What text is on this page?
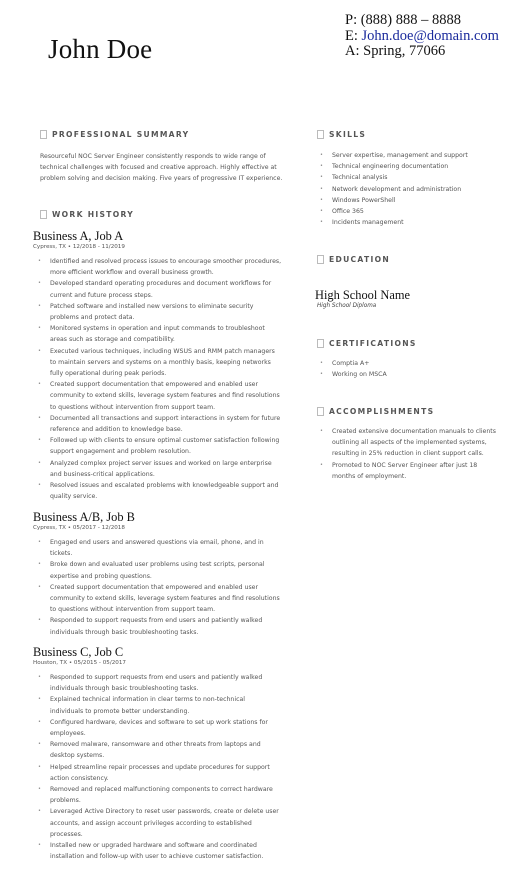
John Doe
P: (888) 888 – 8888
E: John.doe@domain.com
A: Spring, 77066
PROFESSIONAL SUMMARY
Resourceful NOC Server Engineer consistently responds to wide range of
technical challenges with focused and creative approach. Highly effective at
problem solving and decision making. Five years of progressive IT experience.
WORK HISTORY
Business A, Job A
Cypress, TX • 12/2018 - 11/2019
• Identified and resolved process issues to encourage smoother procedures,
more efficient workflow and overall business growth.
• Developed standard operating procedures and document workflows for
current and future process steps.
• Patched software and installed new versions to eliminate security
problems and protect data.
• Monitored systems in operation and input commands to troubleshoot
areas such as storage and compatibility.
• Executed various techniques, including WSUS and RMM patch managers
to maintain servers and systems on a monthly basis, keeping networks
fully operational during peak periods.
• Created support documentation that empowered and enabled user
community to extend skills, leverage system features and find resolutions
to questions without intervention from support team.
• Documented all transactions and support interactions in system for future
reference and addition to knowledge base.
• Followed up with clients to ensure optimal customer satisfaction following
support engagement and problem resolution.
• Analyzed complex project server issues and worked on large enterprise
and business-critical applications.
• Resolved issues and escalated problems with knowledgeable support and
quality service.
Business A/B, Job B
Cypress, TX • 05/2017 - 12/2018
• Engaged end users and answered questions via email, phone, and in
tickets.
• Broke down and evaluated user problems using test scripts, personal
expertise and probing questions.
• Created support documentation that empowered and enabled user
community to extend skills, leverage system features and find resolutions
to questions without intervention from support team.
• Responded to support requests from end users and patiently walked
individuals through basic troubleshooting tasks.
Business C, Job C
Houston, TX • 05/2015 - 05/2017
• Responded to support requests from end users and patiently walked
individuals through basic troubleshooting tasks.
• Explained technical information in clear terms to non-technical
individuals to promote better understanding.
• Configured hardware, devices and software to set up work stations for
employees.
• Removed malware, ransomware and other threats from laptops and
desktop systems.
• Helped streamline repair processes and update procedures for support
action consistency.
• Removed and replaced malfunctioning components to correct hardware
problems.
• Leveraged Active Directory to reset user passwords, create or delete user
accounts, and assign account privileges according to established
processes.
• Installed new or upgraded hardware and software and coordinated
installation and follow-up with user to achieve customer satisfaction.
SKILLS
• Server expertise, management and support
• Technical engineering documentation
• Technical analysis
• Network development and administration
• Windows PowerShell
• Office 365
• Incidents management
EDUCATION
High School Name
High School Diploma
CERTIFICATIONS
• Comptia A+
• Working on MSCA
ACCOMPLISHMENTS
• Created extensive documentation manuals to clients
outlining all aspects of the implemented systems,
resulting in 25% reduction in client support calls.
• Promoted to NOC Server Engineer after just 18
months of employment.
